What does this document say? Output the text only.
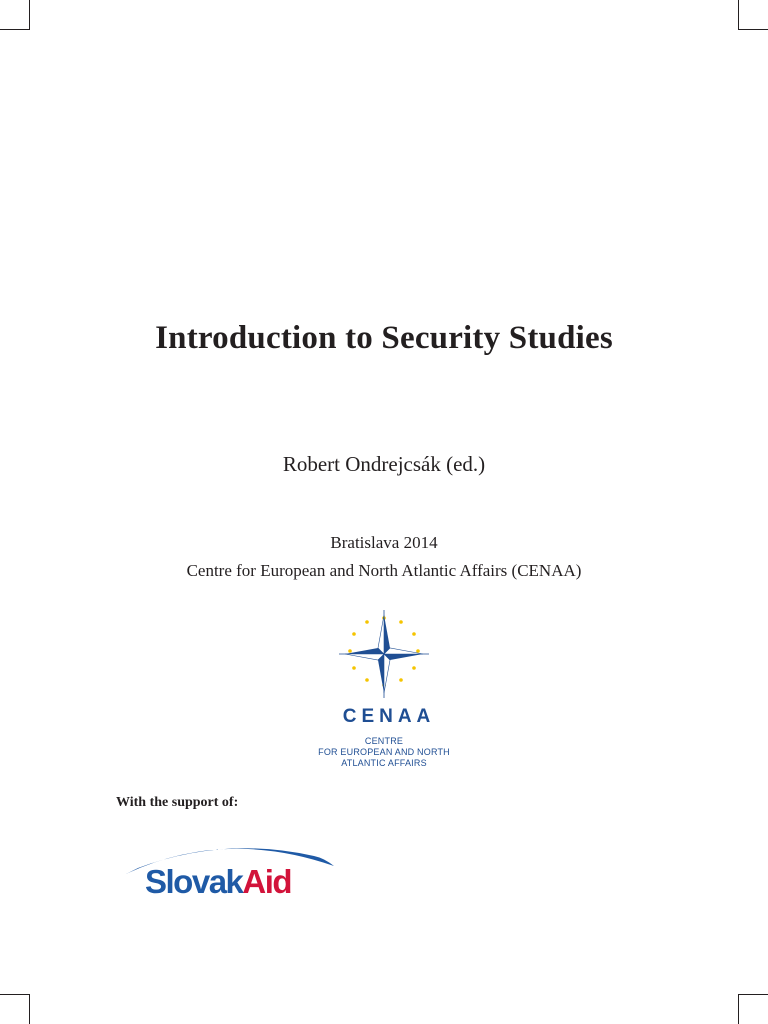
Introduction to Security Studies
Robert Ondrejcsák (ed.)
Bratislava 2014
Centre for European and North Atlantic Affairs (CENAA)
CENAA
CENTRE
FOR EUROPEAN AND NORTH
ATLANTIC AFFAIRS
With the support of:
SlovakAid
